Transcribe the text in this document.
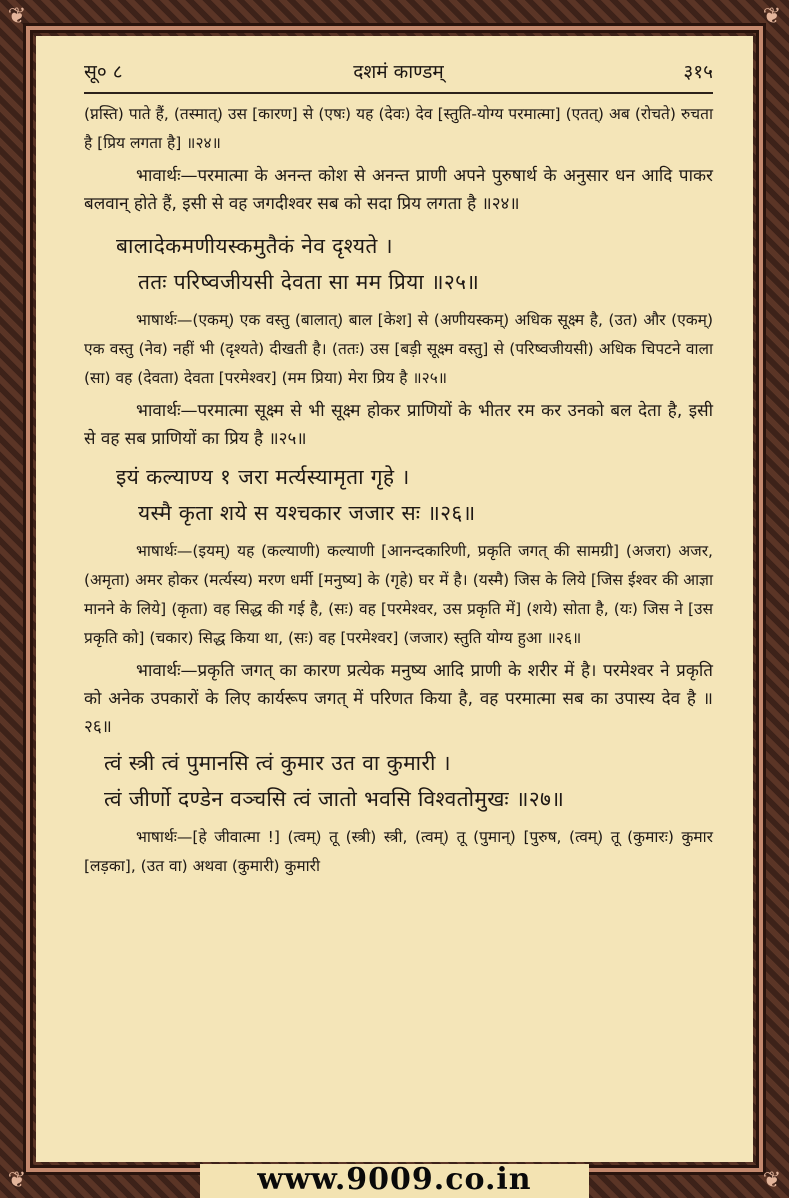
❦	❦
❦	❦
सू० ८	दशमं काण्डम्	३१५

(प्नस्ति) पाते हैं, (तस्मात्) उस [कारण] से (एषः) यह (देवः) देव [स्तुति-योग्य परमात्मा] (एतत्) अब (रोचते) रुचता है [प्रिय लगता है] ॥२४॥

भावार्थः—परमात्मा के अनन्त कोश से अनन्त प्राणी अपने पुरुषार्थ के अनुसार धन आदि पाकर बलवान् होते हैं, इसी से वह जगदीश्वर सब को सदा प्रिय लगता है ॥२४॥

बालादेकमणीयस्कमुतैकं नेव दृश्यते ।

ततः परिष्वजीयसी देवता सा मम प्रिया ॥२५॥

भाषार्थः—(एकम्) एक वस्तु (बालात्) बाल [केश] से (अणीयस्कम्) अधिक सूक्ष्म है, (उत) और (एकम्) एक वस्तु (नेव) नहीं भी (दृश्यते) दीखती है। (ततः) उस [बड़ी सूक्ष्म वस्तु] से (परिष्वजीयसी) अधिक चिपटने वाला (सा) वह (देवता) देवता [परमेश्वर] (मम प्रिया) मेरा प्रिय है ॥२५॥

भावार्थः—परमात्मा सूक्ष्म से भी सूक्ष्म होकर प्राणियों के भीतर रम कर उनको बल देता है, इसी से वह सब प्राणियों का प्रिय है ॥२५॥

इयं कल्याण्य १ जरा मर्त्यस्यामृता गृहे ।

यस्मै कृता शये स यश्चकार जजार सः ॥२६॥

भाषार्थः—(इयम्) यह (कल्याणी) कल्याणी [आनन्दकारिणी, प्रकृति जगत् की सामग्री] (अजरा) अजर, (अमृता) अमर होकर (मर्त्यस्य) मरण धर्मी [मनुष्य] के (गृहे) घर में है। (यस्मै) जिस के लिये [जिस ईश्वर की आज्ञा मानने के लिये] (कृता) वह सिद्ध की गई है, (सः) वह [परमेश्वर, उस प्रकृति में] (शये) सोता है, (यः) जिस ने [उस प्रकृति को] (चकार) सिद्ध किया था, (सः) वह [परमेश्वर] (जजार) स्तुति योग्य हुआ ॥२६॥

भावार्थः—प्रकृति जगत् का कारण प्रत्येक मनुष्य आदि प्राणी के शरीर में है। परमेश्वर ने प्रकृति को अनेक उपकारों के लिए कार्यरूप जगत् में परिणत किया है, वह परमात्मा सब का उपास्य देव है ॥२६॥

त्वं स्त्री त्वं पुमानसि त्वं कुमार उत वा कुमारी ।

त्वं जीर्णो दण्डेन वञ्चसि त्वं जातो भवसि विश्वतोमुखः ॥२७॥

भाषार्थः—[हे जीवात्मा !] (त्वम्) तू (स्त्री) स्त्री, (त्वम्) तू (पुमान्) [पुरुष, (त्वम्) तू (कुमारः) कुमार [लड़का], (उत वा) अथवा (कुमारी) कुमारी

www.9009.co.in
